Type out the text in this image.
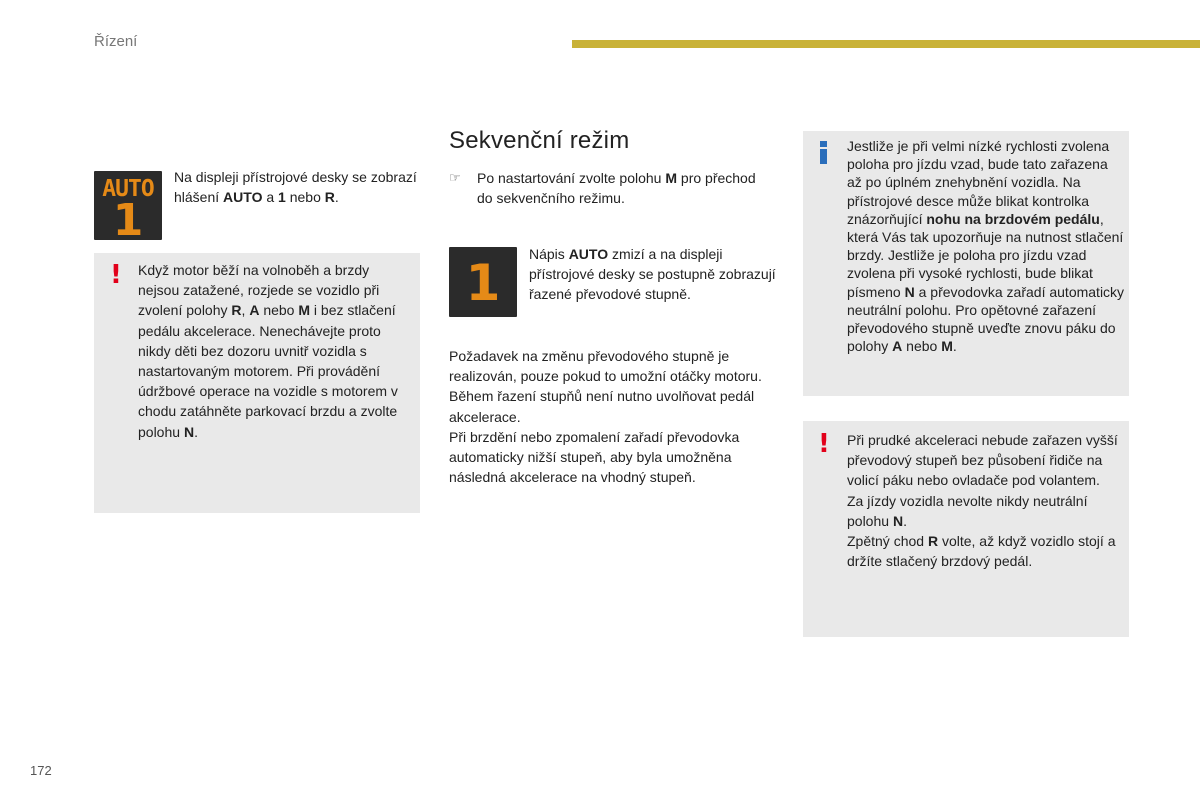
Řízení
AUTO
1
Na displeji přístrojové desky se zobrazí hlášení AUTO a 1 nebo R.
! Když motor běží na volnoběh a brzdy nejsou zatažené, rozjede se vozidlo při zvolení polohy R, A nebo M i bez stlačení pedálu akcelerace. Nenechávejte proto nikdy děti bez dozoru uvnitř vozidla s nastartovaným motorem. Při provádění údržbové operace na vozidle s motorem v chodu zatáhněte parkovací brzdu a zvolte polohu N.
Sekvenční režim
☞ Po nastartování zvolte polohu M pro přechod do sekvenčního režimu.
1	Nápis AUTO zmizí a na displeji přístrojové desky se postupně zobrazují řazené převodové stupně.
Požadavek na změnu převodového stupně je realizován, pouze pokud to umožní otáčky motoru.
Během řazení stupňů není nutno uvolňovat pedál akcelerace.
Při brzdění nebo zpomalení zařadí převodovka automaticky nižší stupeň, aby byla umožněna následná akcelerace na vhodný stupeň.
Jestliže je při velmi nízké rychlosti zvolena poloha pro jízdu vzad, bude tato zařazena až po úplném znehybnění vozidla. Na přístrojové desce může blikat kontrolka znázorňující nohu na brzdovém pedálu, která Vás tak upozorňuje na nutnost stlačení brzdy. Jestliže je poloha pro jízdu vzad zvolena při vysoké rychlosti, bude blikat písmeno N a převodovka zařadí automaticky neutrální polohu. Pro opětovné zařazení převodového stupně uveďte znovu páku do polohy A nebo M.
! Při prudké akceleraci nebude zařazen vyšší převodový stupeň bez působení řidiče na volicí páku nebo ovladače pod volantem.
Za jízdy vozidla nevolte nikdy neutrální polohu N.
Zpětný chod R volte, až když vozidlo stojí a držíte stlačený brzdový pedál.
172
